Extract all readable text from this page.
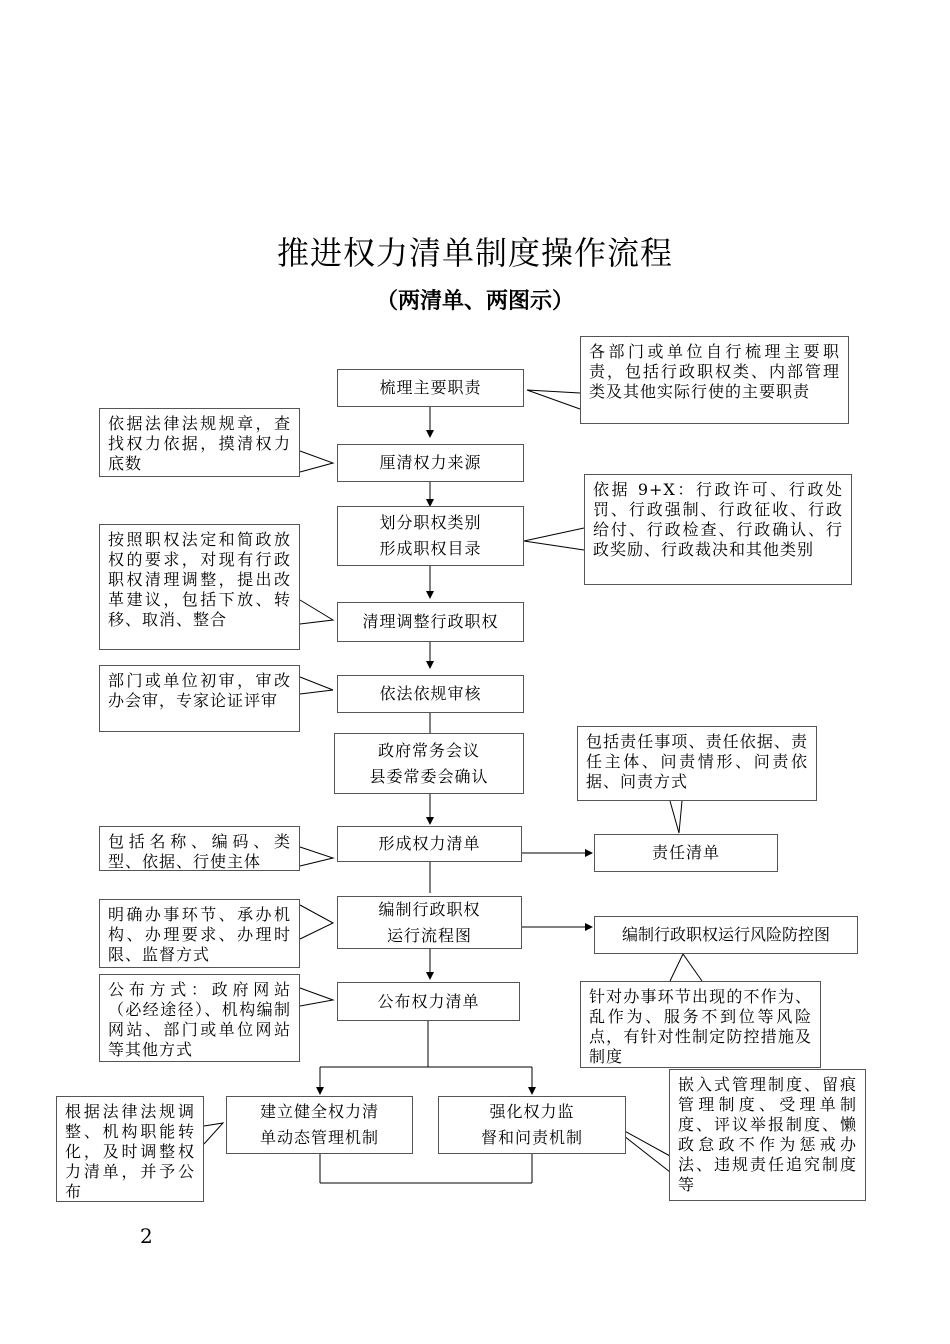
推进权力清单制度操作流程
（两清单、两图示）
梳理主要职责
厘清权力来源
划分职权类别
形成职权目录
清理调整行政职权
依法依规审核
政府常务会议
县委常委会确认
形成权力清单
编制行政职权
运行流程图
公布权力清单
建立健全权力清
单动态管理机制
强化权力监
督和问责机制
责任清单
编制行政职权运行风险防控图
各部门或单位自行梳理主要职责，包括行政职权类、内部管理类及其他实际行使的主要职责
依据 9+X：行政许可、行政处罚、行政强制、行政征收、行政给付、行政检查、行政确认、行政奖励、行政裁决和其他类别
包括责任事项、责任依据、责任主体、问责情形、问责依据、问责方式
针对办事环节出现的不作为、乱作为、服务不到位等风险点，有针对性制定防控措施及制度
嵌入式管理制度、留痕管理制度、受理单制度、评议举报制度、懒政怠政不作为惩戒办法、违规责任追究制度等
依据法律法规规章，查找权力依据，摸清权力底数
按照职权法定和简政放权的要求，对现有行政职权清理调整，提出改革建议，包括下放、转移、取消、整合
部门或单位初审，审改办会审，专家论证评审
包括名称、编码、类型、依据、行使主体
明确办事环节、承办机构、办理要求、办理时限、监督方式
公布方式：政府网站（必经途径）、机构编制网站、部门或单位网站等其他方式
根据法律法规调整、机构职能转化，及时调整权力清单，并予公布
2
